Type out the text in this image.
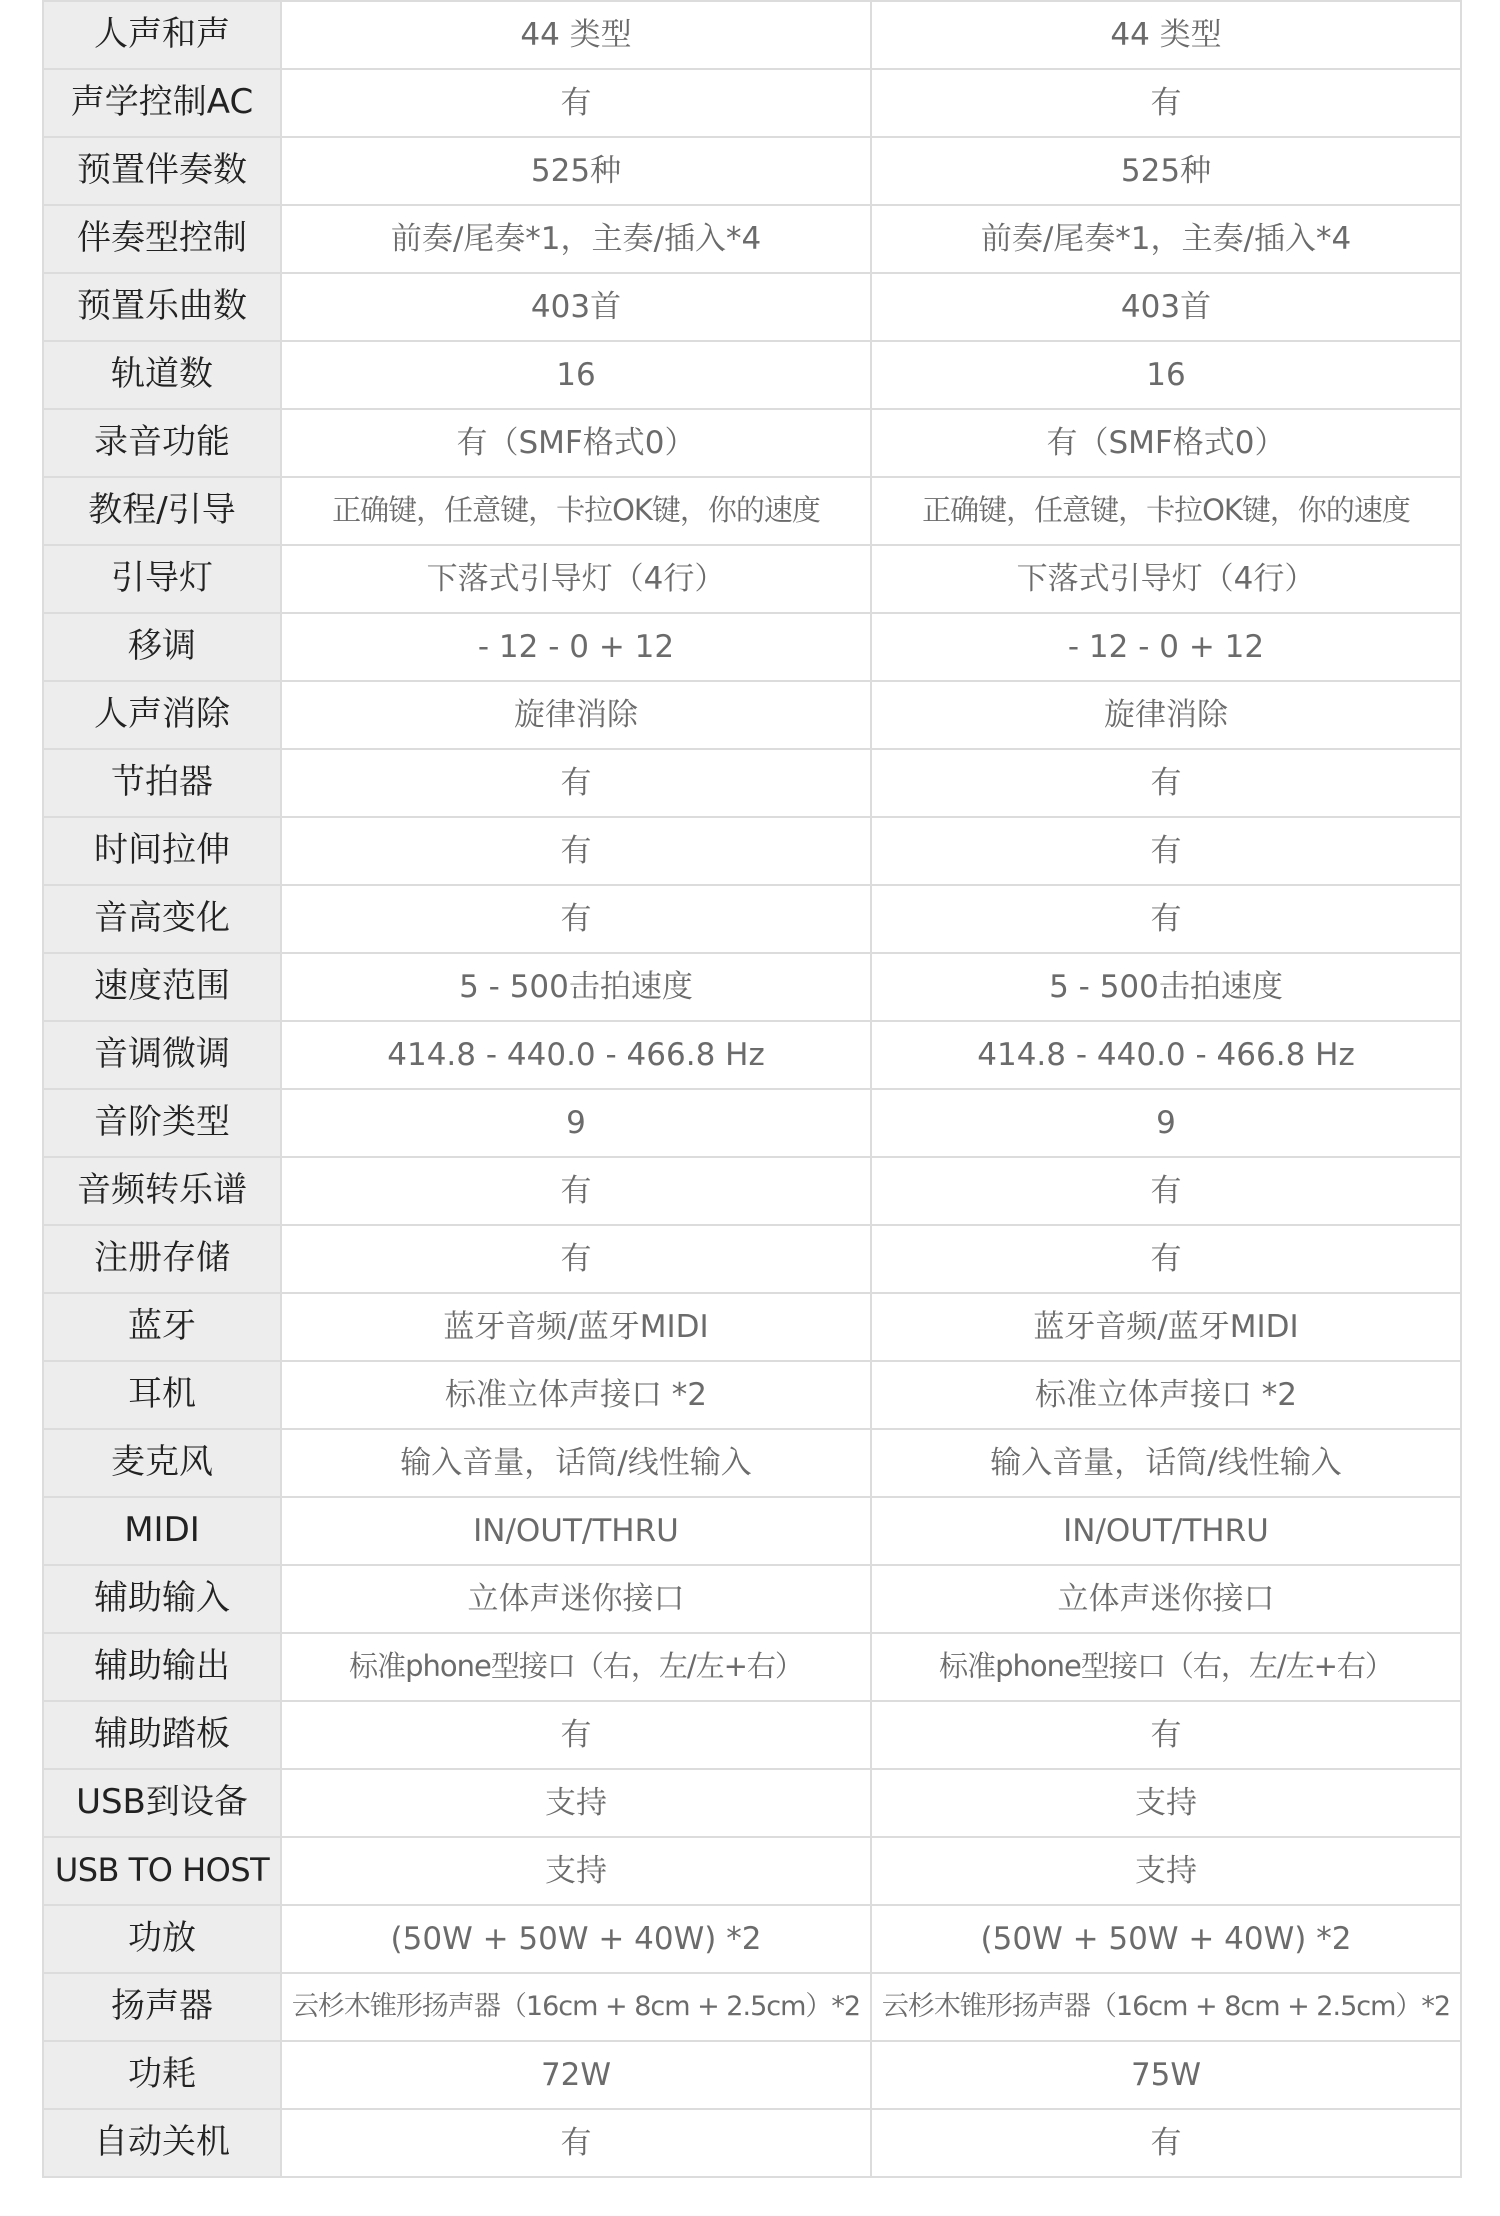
人声和声	44 类型	44 类型
声学控制AC	有	有
预置伴奏数	525种	525种
伴奏型控制	前奏/尾奏*1，主奏/插入*4	前奏/尾奏*1，主奏/插入*4
预置乐曲数	403首	403首
轨道数	16	16
录音功能	有（SMF格式0）	有（SMF格式0）
教程/引导	正确键，任意键，卡拉OK键，你的速度	正确键，任意键，卡拉OK键，你的速度
引导灯	下落式引导灯（4行）	下落式引导灯（4行）
移调	- 12 - 0 + 12	- 12 - 0 + 12
人声消除	旋律消除	旋律消除
节拍器	有	有
时间拉伸	有	有
音高变化	有	有
速度范围	5 - 500击拍速度	5 - 500击拍速度
音调微调	414.8 - 440.0 - 466.8 Hz	414.8 - 440.0 - 466.8 Hz
音阶类型	9	9
音频转乐谱	有	有
注册存储	有	有
蓝牙	蓝牙音频/蓝牙MIDI	蓝牙音频/蓝牙MIDI
耳机	标准立体声接口 *2	标准立体声接口 *2
麦克风	输入音量，话筒/线性输入	输入音量，话筒/线性输入
MIDI	IN/OUT/THRU	IN/OUT/THRU
辅助输入	立体声迷你接口	立体声迷你接口
辅助输出	标准phone型接口（右，左/左+右）	标准phone型接口（右，左/左+右）
辅助踏板	有	有
USB到设备	支持	支持
USB TO HOST	支持	支持
功放	(50W + 50W + 40W) *2	(50W + 50W + 40W) *2
扬声器	云杉木锥形扬声器（16cm + 8cm + 2.5cm）*2	云杉木锥形扬声器（16cm + 8cm + 2.5cm）*2
功耗	72W	75W
自动关机	有	有
